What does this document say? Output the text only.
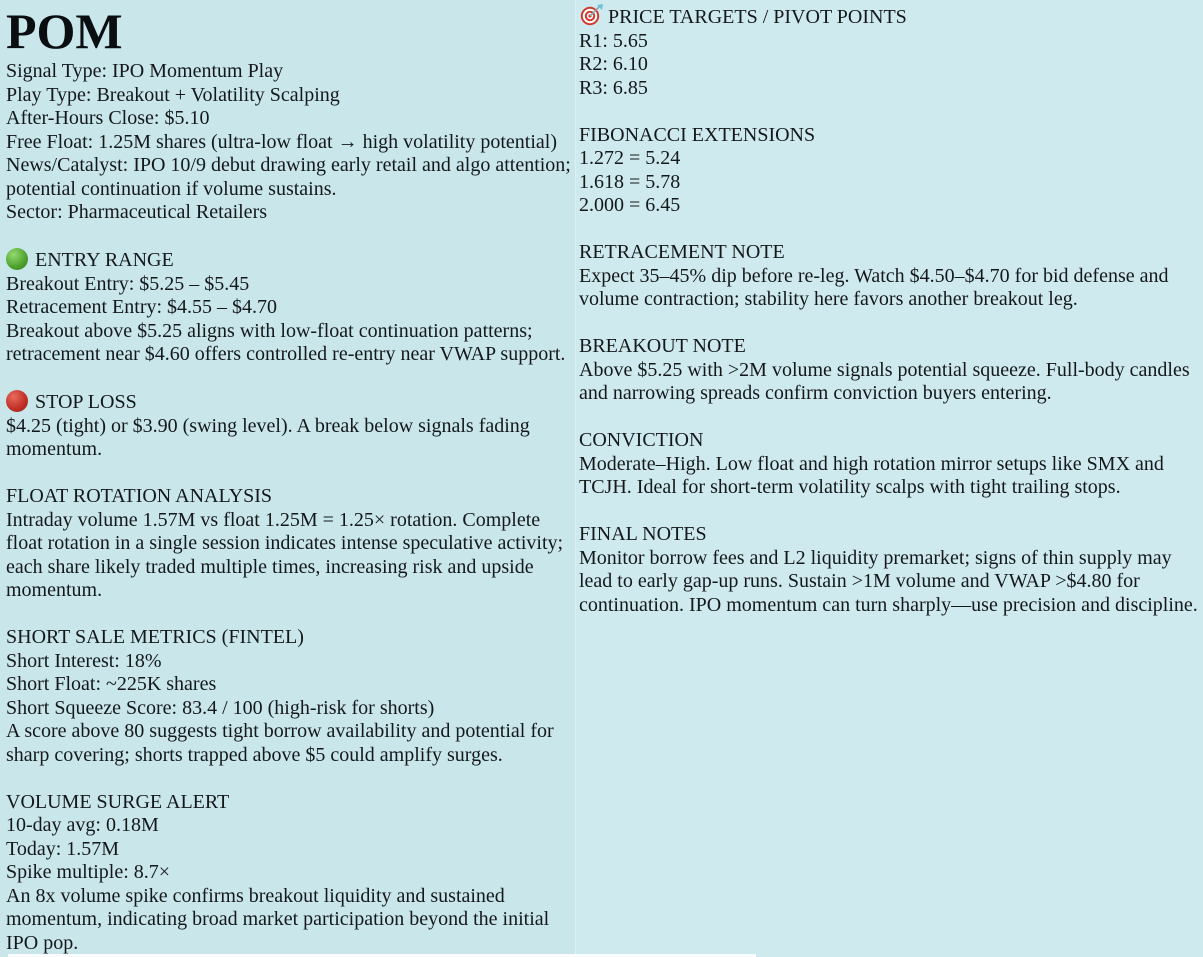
POM
Signal Type: IPO Momentum Play
Play Type: Breakout + Volatility Scalping
After-Hours Close: $5.10
Free Float: 1.25M shares (ultra-low float → high volatility potential)
News/Catalyst: IPO 10/9 debut drawing early retail and algo attention;
potential continuation if volume sustains.
Sector: Pharmaceutical Retailers
ENTRY RANGE
Breakout Entry: $5.25 – $5.45
Retracement Entry: $4.55 – $4.70
Breakout above $5.25 aligns with low-float continuation patterns;
retracement near $4.60 offers controlled re-entry near VWAP support.
STOP LOSS
$4.25 (tight) or $3.90 (swing level). A break below signals fading
momentum.
FLOAT ROTATION ANALYSIS
Intraday volume 1.57M vs float 1.25M = 1.25× rotation. Complete
float rotation in a single session indicates intense speculative activity;
each share likely traded multiple times, increasing risk and upside
momentum.
SHORT SALE METRICS (FINTEL)
Short Interest: 18%
Short Float: ~225K shares
Short Squeeze Score: 83.4 / 100 (high-risk for shorts)
A score above 80 suggests tight borrow availability and potential for
sharp covering; shorts trapped above $5 could amplify surges.
VOLUME SURGE ALERT
10-day avg: 0.18M
Today: 1.57M
Spike multiple: 8.7×
An 8x volume spike confirms breakout liquidity and sustained
momentum, indicating broad market participation beyond the initial
IPO pop.
PRICE TARGETS / PIVOT POINTS
R1: 5.65
R2: 6.10
R3: 6.85
FIBONACCI EXTENSIONS
1.272 = 5.24
1.618 = 5.78
2.000 = 6.45
RETRACEMENT NOTE
Expect 35–45% dip before re-leg. Watch $4.50–$4.70 for bid defense and
volume contraction; stability here favors another breakout leg.
BREAKOUT NOTE
Above $5.25 with >2M volume signals potential squeeze. Full-body candles
and narrowing spreads confirm conviction buyers entering.
CONVICTION
Moderate–High. Low float and high rotation mirror setups like SMX and
TCJH. Ideal for short-term volatility scalps with tight trailing stops.
FINAL NOTES
Monitor borrow fees and L2 liquidity premarket; signs of thin supply may
lead to early gap-up runs. Sustain >1M volume and VWAP >$4.80 for
continuation. IPO momentum can turn sharply—use precision and discipline.
